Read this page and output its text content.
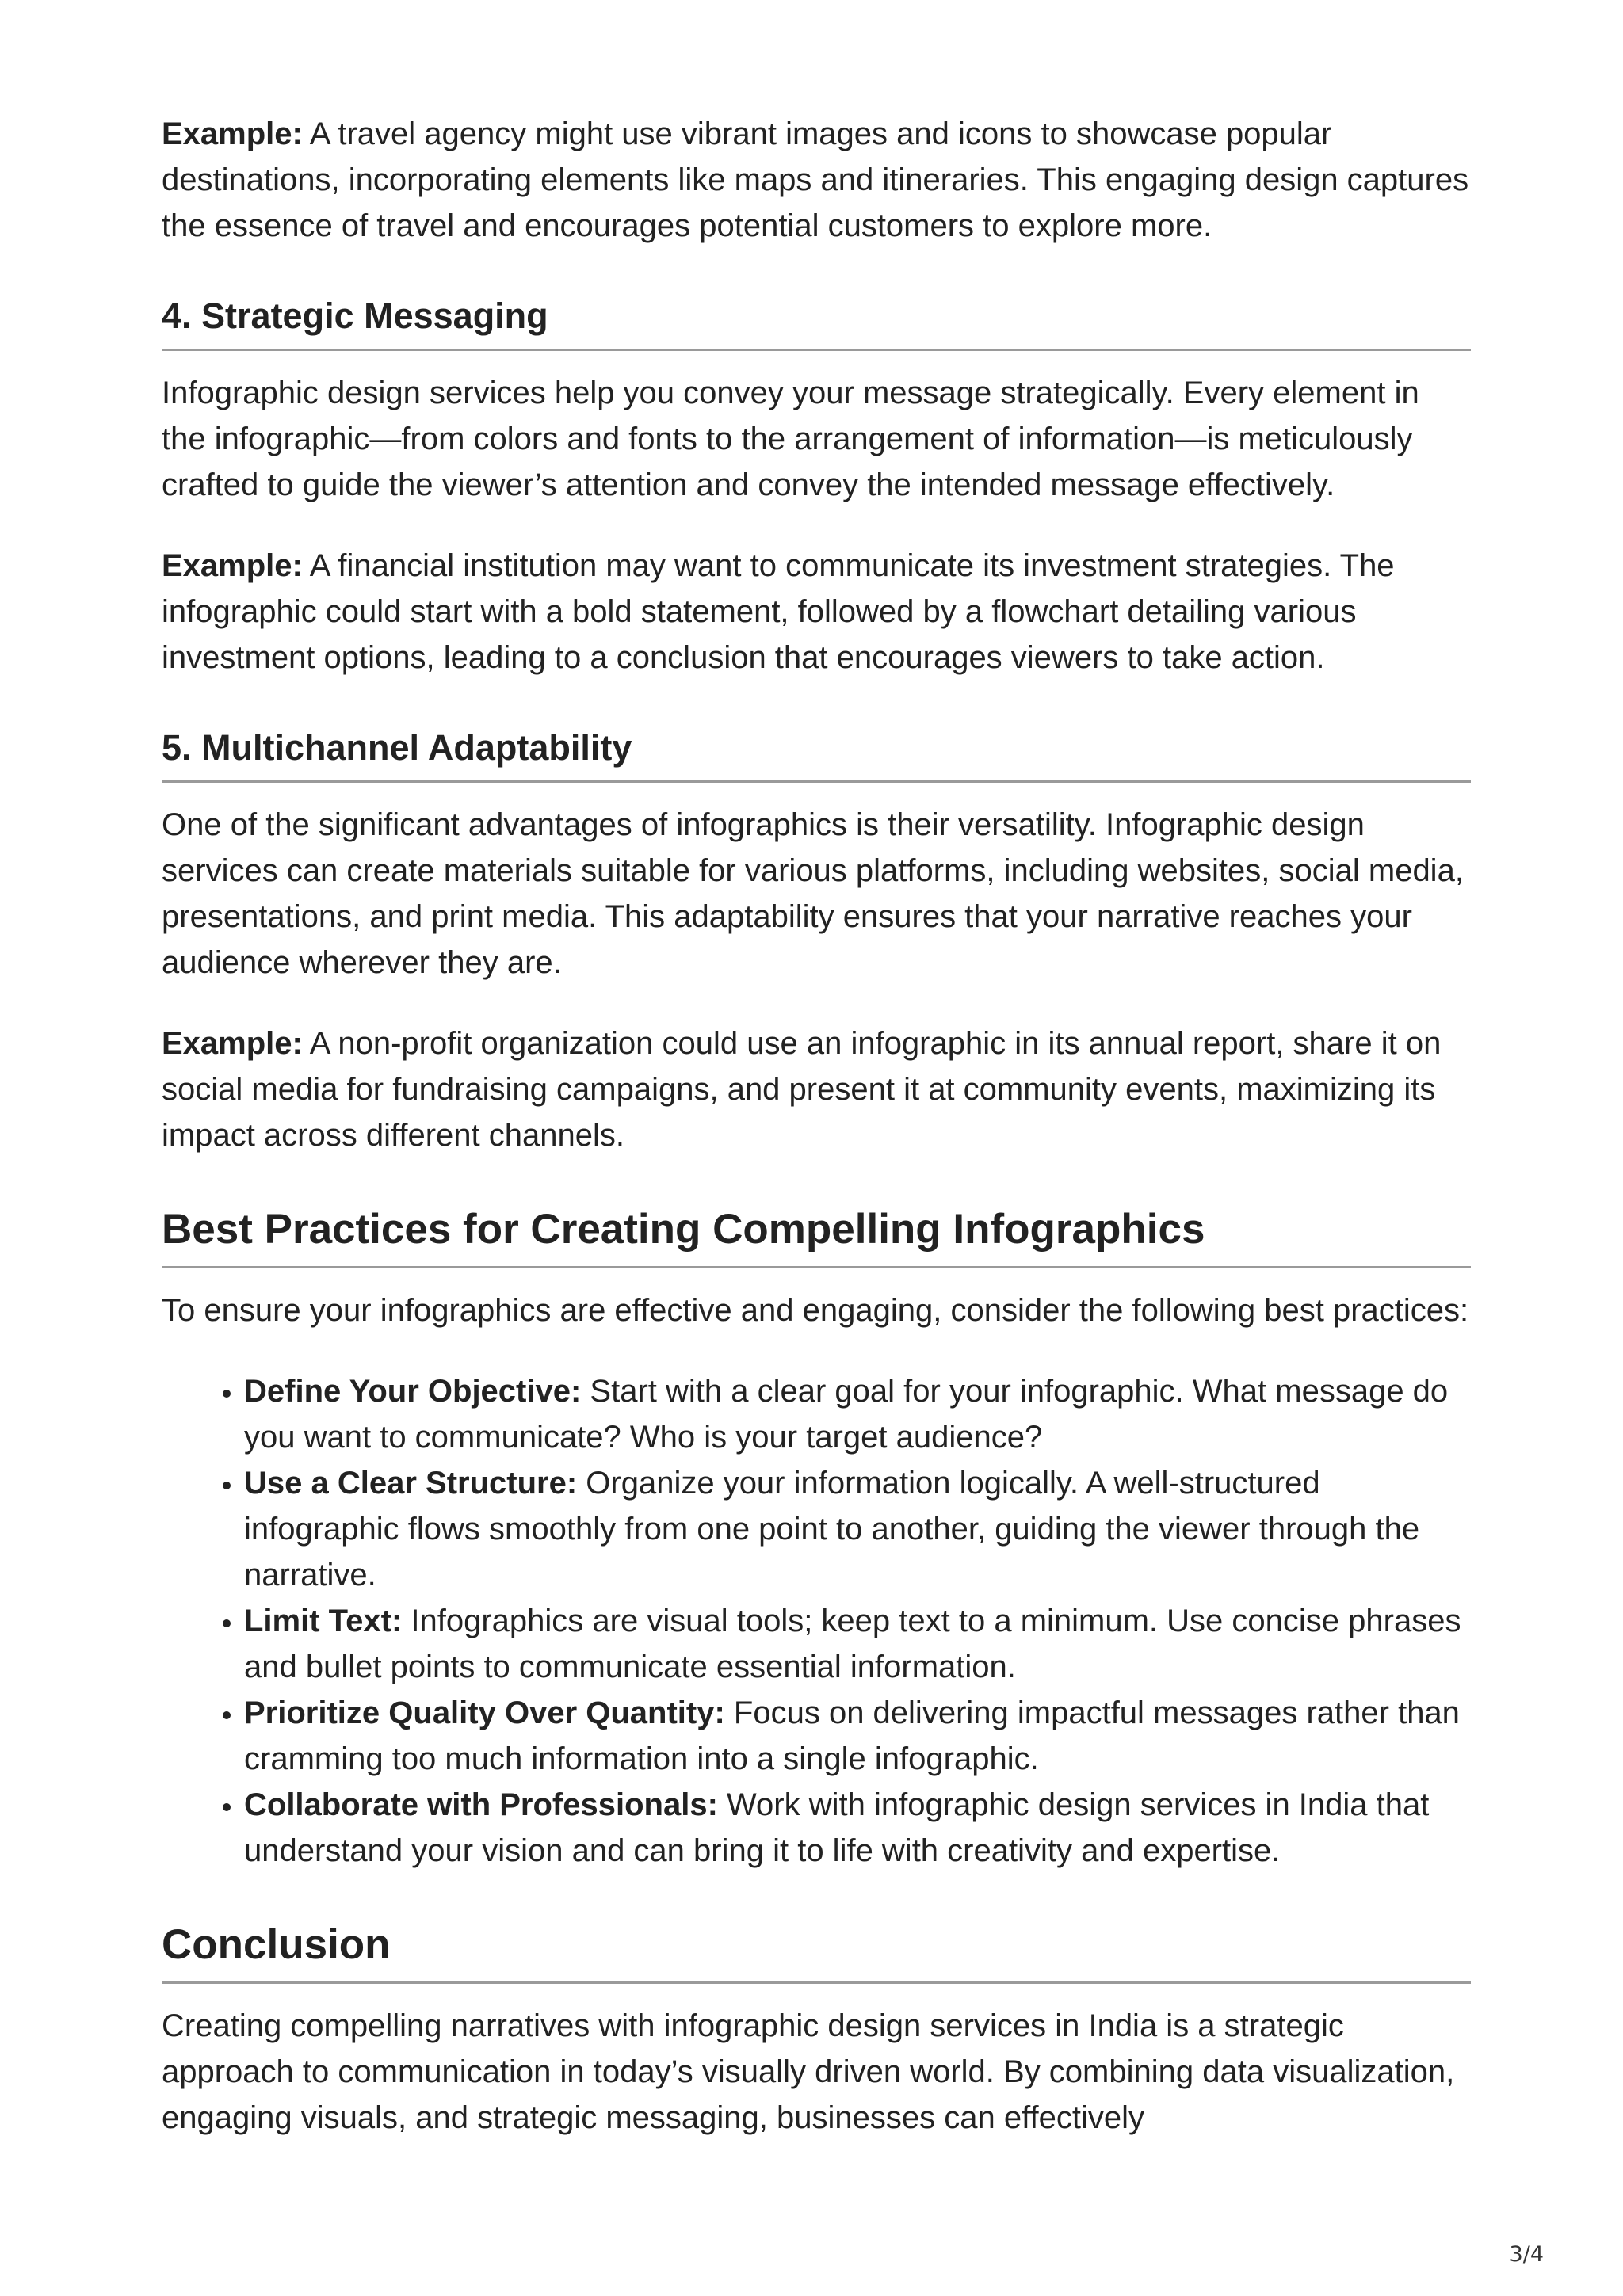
Example: A travel agency might use vibrant images and icons to showcase popular destinations, incorporating elements like maps and itineraries. This engaging design captures the essence of travel and encourages potential customers to explore more.

4. Strategic Messaging

Infographic design services help you convey your message strategically. Every element in the infographic—from colors and fonts to the arrangement of information—is meticulously crafted to guide the viewer’s attention and convey the intended message effectively.

Example: A financial institution may want to communicate its investment strategies. The infographic could start with a bold statement, followed by a flowchart detailing various investment options, leading to a conclusion that encourages viewers to take action.

5. Multichannel Adaptability

One of the significant advantages of infographics is their versatility. Infographic design services can create materials suitable for various platforms, including websites, social media, presentations, and print media. This adaptability ensures that your narrative reaches your audience wherever they are.

Example: A non-profit organization could use an infographic in its annual report, share it on social media for fundraising campaigns, and present it at community events, maximizing its impact across different channels.

Best Practices for Creating Compelling Infographics

To ensure your infographics are effective and engaging, consider the following best practices:

• Define Your Objective: Start with a clear goal for your infographic. What message do you want to communicate? Who is your target audience?
• Use a Clear Structure: Organize your information logically. A well-structured infographic flows smoothly from one point to another, guiding the viewer through the narrative.
• Limit Text: Infographics are visual tools; keep text to a minimum. Use concise phrases and bullet points to communicate essential information.
• Prioritize Quality Over Quantity: Focus on delivering impactful messages rather than cramming too much information into a single infographic.
• Collaborate with Professionals: Work with infographic design services in India that understand your vision and can bring it to life with creativity and expertise.
Conclusion

Creating compelling narratives with infographic design services in India is a strategic approach to communication in today’s visually driven world. By combining data visualization, engaging visuals, and strategic messaging, businesses can effectively

3/4
